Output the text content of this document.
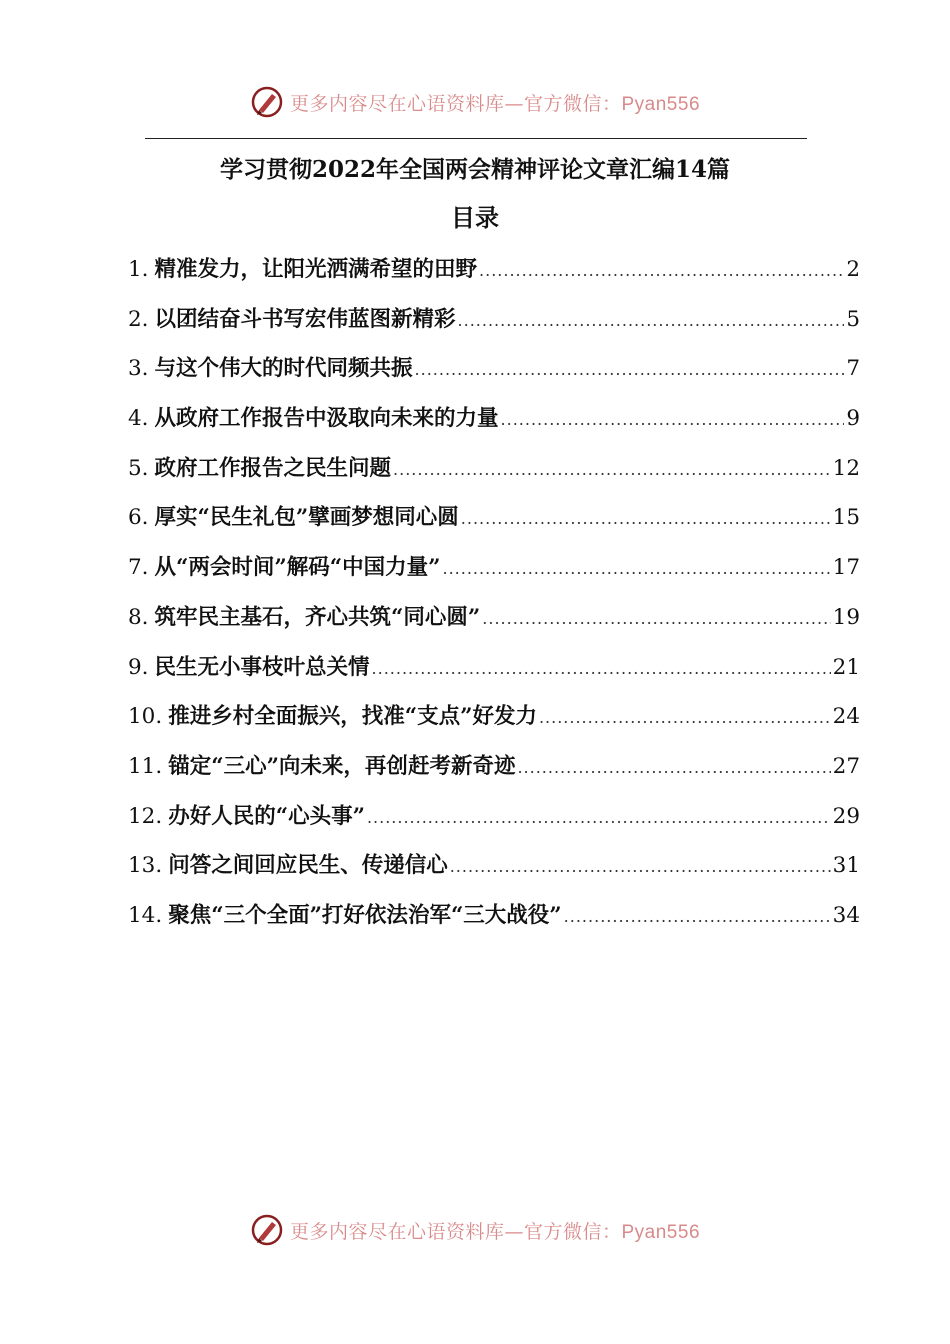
更多内容尽在心语资料库—官方微信：Pyan556
学习贯彻2022年全国两会精神评论文章汇编14篇
目录
1. 精准发力，让阳光洒满希望的田野 .....	2
2. 以团结奋斗书写宏伟蓝图新精彩 .....	5
3. 与这个伟大的时代同频共振 .....	7
4. 从政府工作报告中汲取向未来的力量 .....	9
5. 政府工作报告之民生问题 .....	12
6. 厚实“民生礼包”擘画梦想同心圆 .....	15
7. 从“两会时间”解码“中国力量” .....	17
8. 筑牢民主基石，齐心共筑“同心圆” .....	19
9. 民生无小事枝叶总关情 .....	21
10. 推进乡村全面振兴，找准“支点”好发力 .....	24
11. 锚定“三心”向未来，再创赶考新奇迹 .....	27
12. 办好人民的“心头事” .....	29
13. 问答之间回应民生、传递信心 .....	31
14. 聚焦“三个全面”打好依法治军“三大战役” .....	34
更多内容尽在心语资料库—官方微信：Pyan556
